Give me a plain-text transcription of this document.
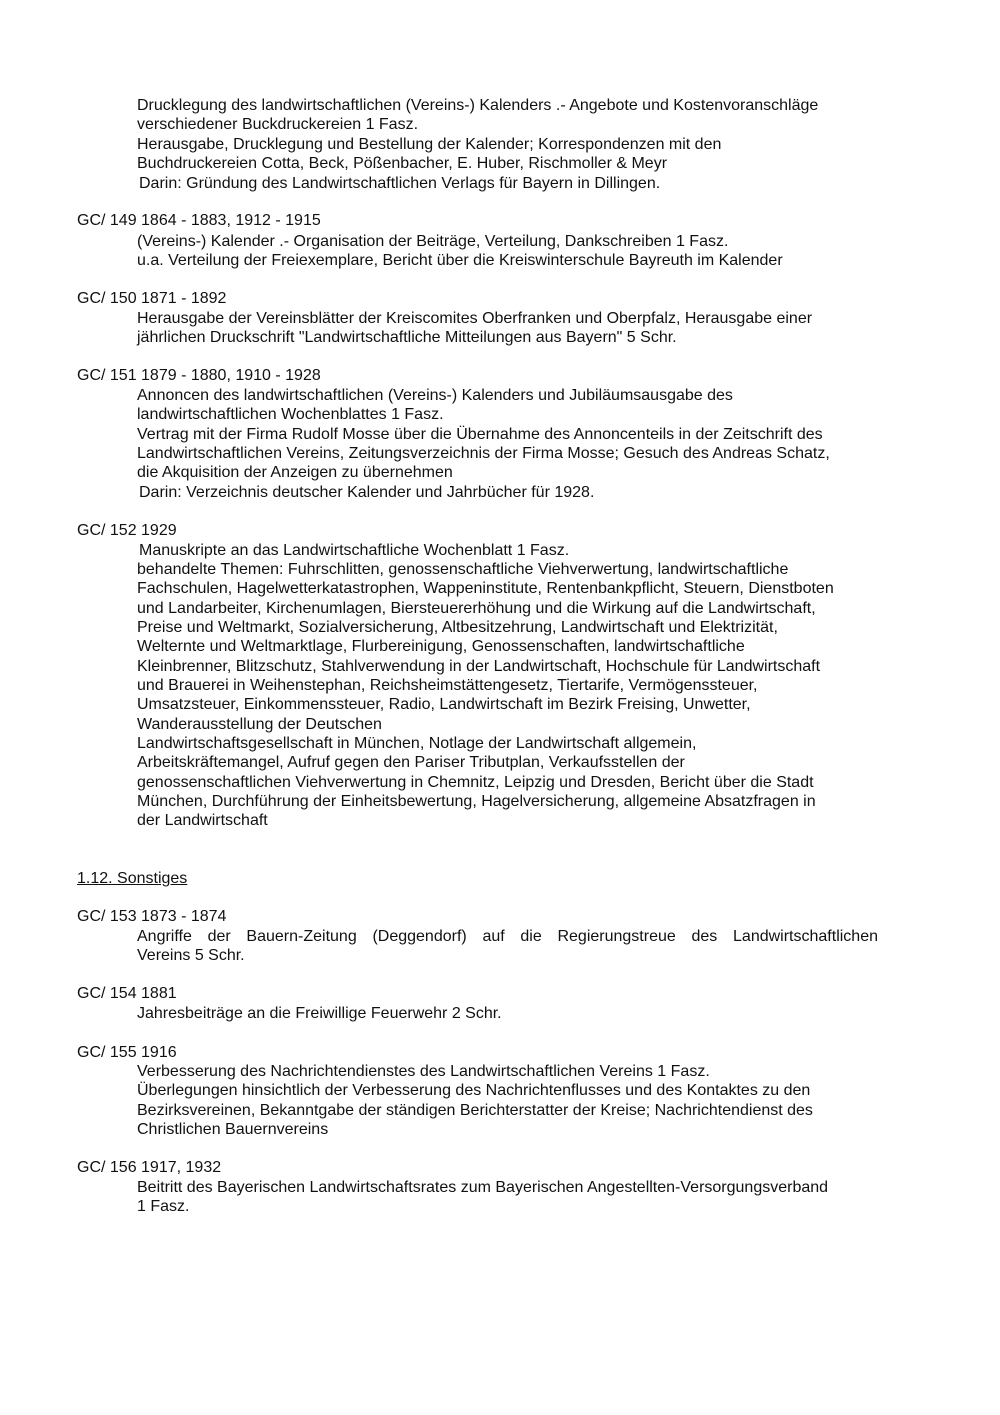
Drucklegung des landwirtschaftlichen (Vereins-) Kalenders .- Angebote und Kostenvoranschläge
verschiedener Buckdruckereien 1 Fasz.
Herausgabe, Drucklegung und Bestellung der Kalender; Korrespondenzen mit den
Buchdruckereien Cotta, Beck, Pößenbacher, E. Huber, Rischmoller & Meyr
Darin: Gründung des Landwirtschaftlichen Verlags für Bayern in Dillingen.
GC/ 149 1864 - 1883, 1912 - 1915
(Vereins-) Kalender .- Organisation der Beiträge, Verteilung, Dankschreiben 1 Fasz.
u.a. Verteilung der Freiexemplare, Bericht über die Kreiswinterschule Bayreuth im Kalender
GC/ 150 1871 - 1892
Herausgabe der Vereinsblätter der Kreiscomites Oberfranken und Oberpfalz, Herausgabe einer
jährlichen Druckschrift "Landwirtschaftliche Mitteilungen aus Bayern" 5 Schr.
GC/ 151 1879 - 1880, 1910 - 1928
Annoncen des landwirtschaftlichen (Vereins-) Kalenders und Jubiläumsausgabe des
landwirtschaftlichen Wochenblattes 1 Fasz.
Vertrag mit der Firma Rudolf Mosse über die Übernahme des Annoncenteils in der Zeitschrift des
Landwirtschaftlichen Vereins, Zeitungsverzeichnis der Firma Mosse; Gesuch des Andreas Schatz,
die Akquisition der Anzeigen zu übernehmen
Darin: Verzeichnis deutscher Kalender und Jahrbücher für 1928.
GC/ 152 1929
Manuskripte an das Landwirtschaftliche Wochenblatt 1 Fasz.
behandelte Themen: Fuhrschlitten, genossenschaftliche Viehverwertung, landwirtschaftliche
Fachschulen, Hagelwetterkatastrophen, Wappeninstitute, Rentenbankpflicht, Steuern, Dienstboten
und Landarbeiter, Kirchenumlagen, Biersteuererhöhung und die Wirkung auf die Landwirtschaft,
Preise und Weltmarkt, Sozialversicherung, Altbesitzehrung, Landwirtschaft und Elektrizität,
Welternte und Weltmarktlage, Flurbereinigung, Genossenschaften, landwirtschaftliche
Kleinbrenner, Blitzschutz, Stahlverwendung in der Landwirtschaft, Hochschule für Landwirtschaft
und Brauerei in Weihenstephan, Reichsheimstättengesetz, Tiertarife, Vermögenssteuer,
Umsatzsteuer, Einkommenssteuer, Radio, Landwirtschaft im Bezirk Freising, Unwetter,
Wanderausstellung der Deutschen
Landwirtschaftsgesellschaft in München, Notlage der Landwirtschaft allgemein,
Arbeitskräftemangel, Aufruf gegen den Pariser Tributplan, Verkaufsstellen der
genossenschaftlichen Viehverwertung in Chemnitz, Leipzig und Dresden, Bericht über die Stadt
München, Durchführung der Einheitsbewertung, Hagelversicherung, allgemeine Absatzfragen in
der Landwirtschaft
1.12. Sonstiges
GC/ 153 1873 - 1874
Angriffe der Bauern-Zeitung (Deggendorf) auf die Regierungstreue des Landwirtschaftlichen
Vereins 5 Schr.
GC/ 154 1881
Jahresbeiträge an die Freiwillige Feuerwehr 2 Schr.
GC/ 155 1916
Verbesserung des Nachrichtendienstes des Landwirtschaftlichen Vereins 1 Fasz.
Überlegungen hinsichtlich der Verbesserung des Nachrichtenflusses und des Kontaktes zu den
Bezirksvereinen, Bekanntgabe der ständigen Berichterstatter der Kreise; Nachrichtendienst des
Christlichen Bauernvereins
GC/ 156 1917, 1932
Beitritt des Bayerischen Landwirtschaftsrates zum Bayerischen Angestellten-Versorgungsverband
1 Fasz.
